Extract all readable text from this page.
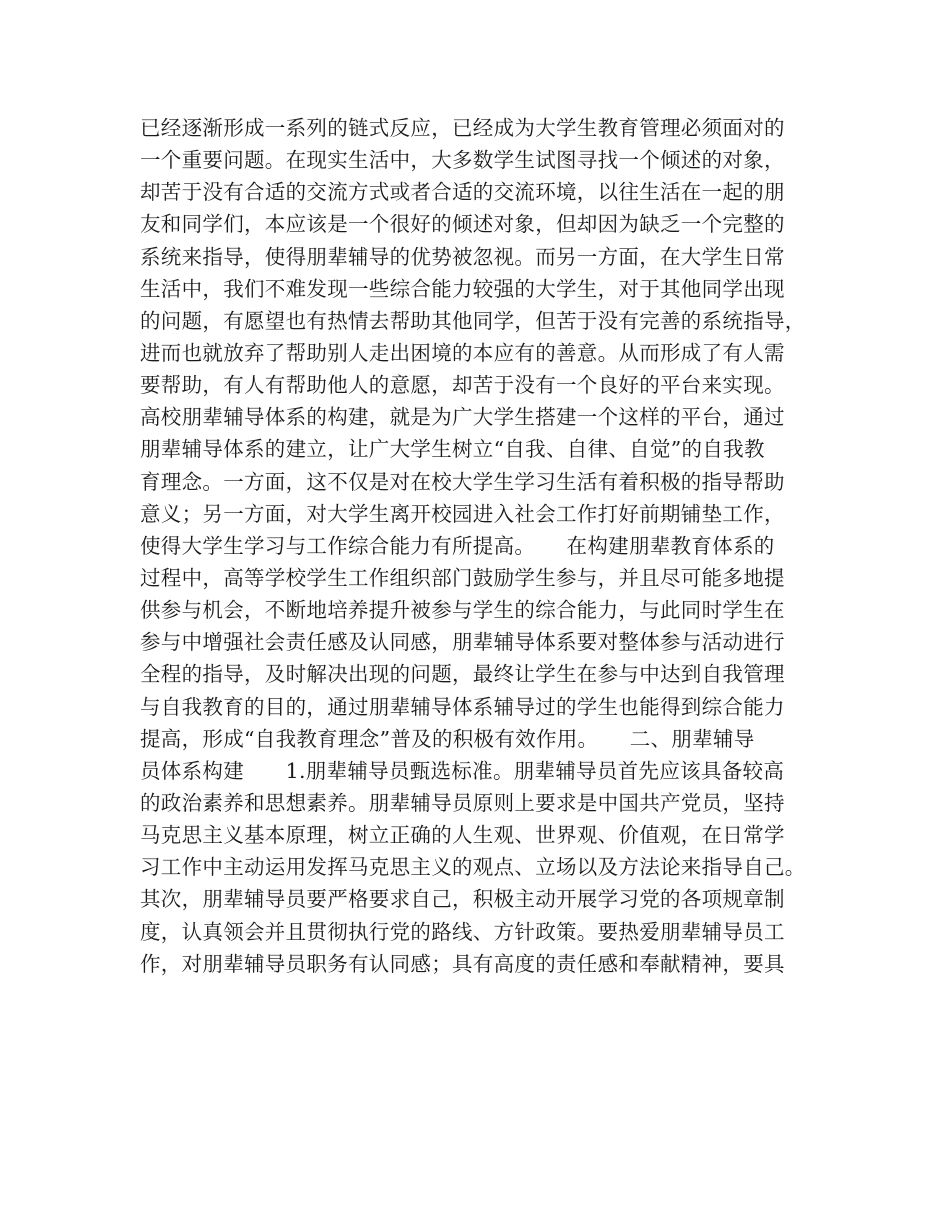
已经逐渐形成一系列的链式反应，已经成为大学生教育管理必须面对的
一个重要问题。在现实生活中，大多数学生试图寻找一个倾述的对象，
却苦于没有合适的交流方式或者合适的交流环境，以往生活在一起的朋
友和同学们，本应该是一个很好的倾述对象，但却因为缺乏一个完整的
系统来指导，使得朋辈辅导的优势被忽视。而另一方面，在大学生日常
生活中，我们不难发现一些综合能力较强的大学生，对于其他同学出现
的问题，有愿望也有热情去帮助其他同学，但苦于没有完善的系统指导，
进而也就放弃了帮助别人走出困境的本应有的善意。从而形成了有人需
要帮助，有人有帮助他人的意愿，却苦于没有一个良好的平台来实现。
高校朋辈辅导体系的构建，就是为广大学生搭建一个这样的平台，通过
朋辈辅导体系的建立，让广大学生树立“自我、自律、自觉”的自我教
育理念。一方面，这不仅是对在校大学生学习生活有着积极的指导帮助
意义；另一方面，对大学生离开校园进入社会工作打好前期铺垫工作，
使得大学生学习与工作综合能力有所提高。　　在构建朋辈教育体系的
过程中，高等学校学生工作组织部门鼓励学生参与，并且尽可能多地提
供参与机会，不断地培养提升被参与学生的综合能力，与此同时学生在
参与中增强社会责任感及认同感，朋辈辅导体系要对整体参与活动进行
全程的指导，及时解决出现的问题，最终让学生在参与中达到自我管理
与自我教育的目的，通过朋辈辅导体系辅导过的学生也能得到综合能力
提高，形成“自我教育理念”普及的积极有效作用。　　二、朋辈辅导
员体系构建　　1.朋辈辅导员甄选标准。朋辈辅导员首先应该具备较高
的政治素养和思想素养。朋辈辅导员原则上要求是中国共产党员，坚持
马克思主义基本原理，树立正确的人生观、世界观、价值观，在日常学
习工作中主动运用发挥马克思主义的观点、立场以及方法论来指导自己。
其次，朋辈辅导员要严格要求自己，积极主动开展学习党的各项规章制
度，认真领会并且贯彻执行党的路线、方针政策。要热爱朋辈辅导员工
作，对朋辈辅导员职务有认同感；具有高度的责任感和奉献精神，要具
